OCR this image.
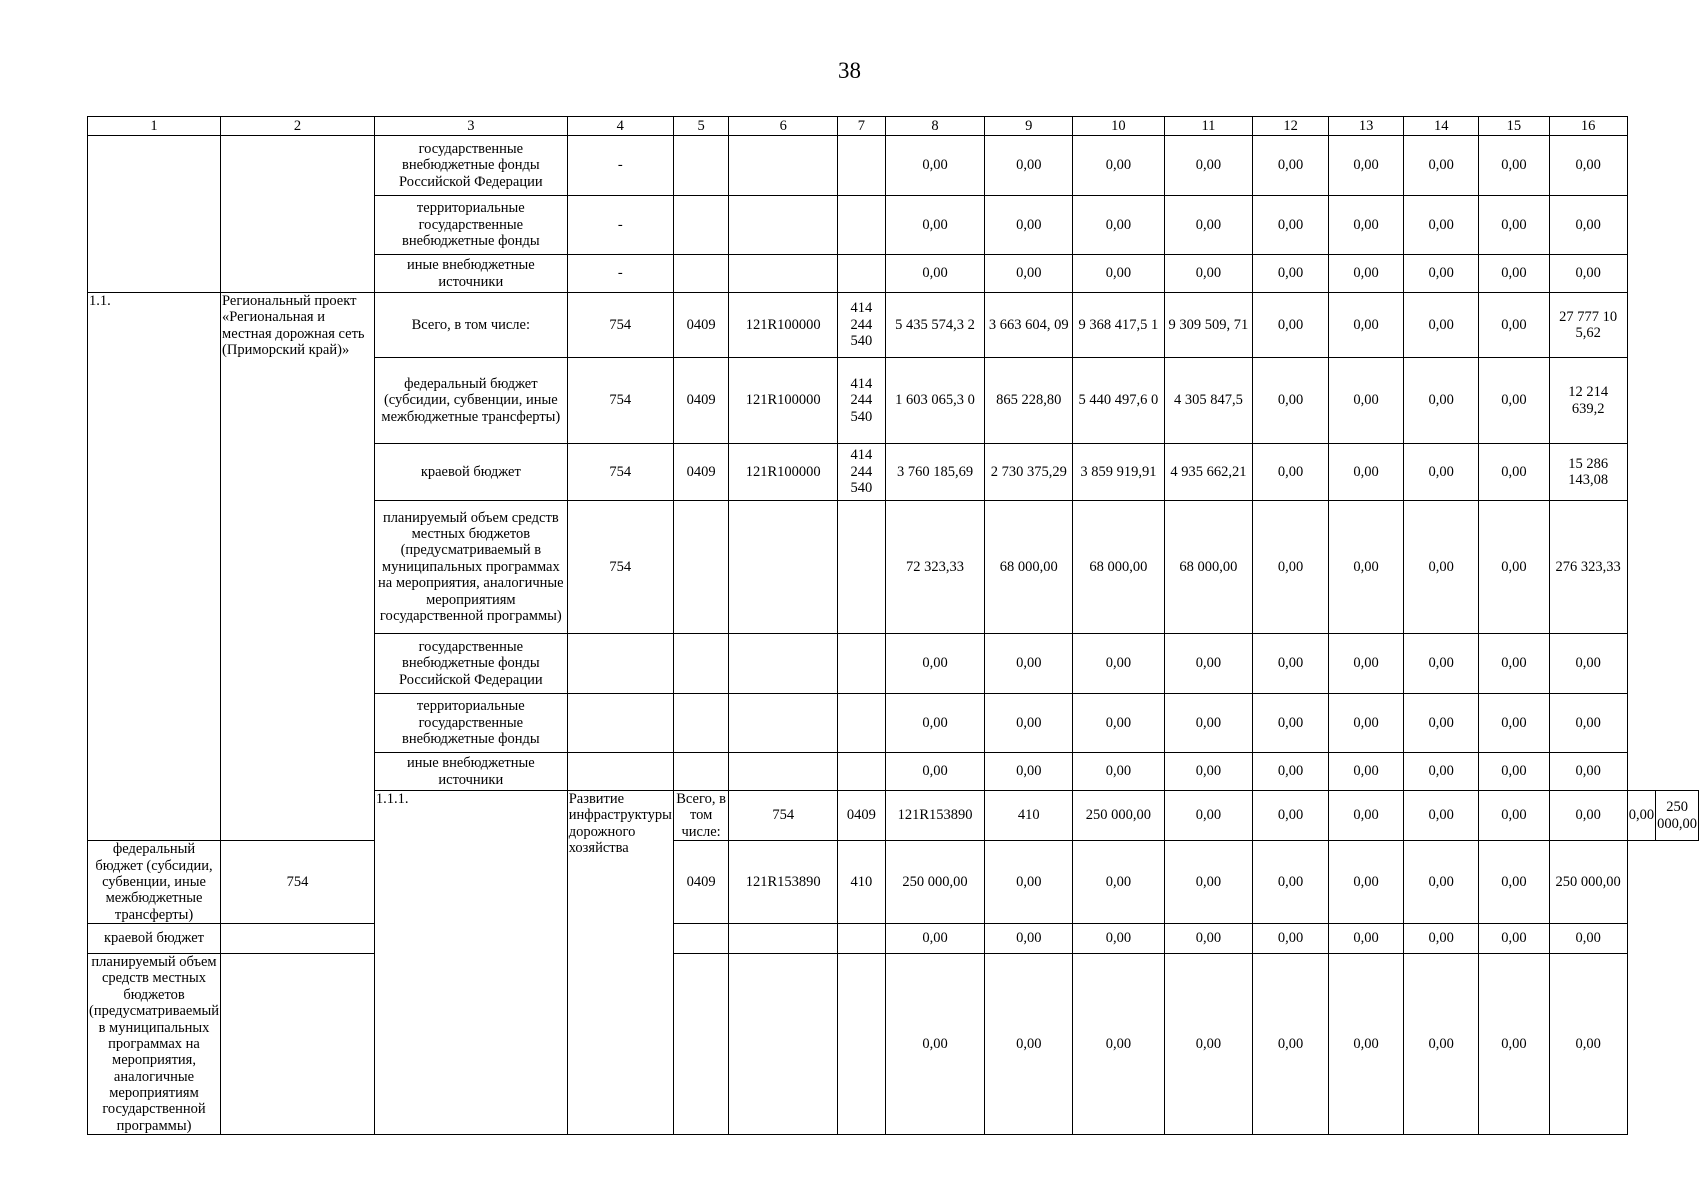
38
1	2	3	4	5	6	7	8	9	10	11	12	13	14	15	16		
		государственные внебюджетные фонды Российской Федерации	-				0,00	0,00	0,00	0,00	0,00	0,00	0,00	0,00	0,00		
		территориальные государственные внебюджетные фонды	-				0,00	0,00	0,00	0,00	0,00	0,00	0,00	0,00	0,00		
		иные внебюджетные источники	-				0,00	0,00	0,00	0,00	0,00	0,00	0,00	0,00	0,00		
1.1.	Региональный проект «Региональная и местная дорожная сеть (Приморский край)»	Всего, в том числе:	754	0409	121R100000	414 244 540	5 435 574,3 2	3 663 604, 09	9 368 417,5 1	9 309 509, 71	0,00	0,00	0,00	0,00	27 777 10 5,62		
		федеральный бюджет (субсидии, субвенции, иные межбюджетные трансферты)	754	0409	121R100000	414 244 540	1 603 065,3 0	865 228,80	5 440 497,6 0	4 305 847,5	0,00	0,00	0,00	0,00	12 214 639,2		
		краевой бюджет	754	0409	121R100000	414 244 540	3 760 185,69	2 730 375,29	3 859 919,91	4 935 662,21	0,00	0,00	0,00	0,00	15 286 143,08		
		планируемый объем средств местных бюджетов (предусматриваемый в муниципальных программах на мероприятия, аналогичные мероприятиям государственной программы)	754				72 323,33	68 000,00	68 000,00	68 000,00	0,00	0,00	0,00	0,00	276 323,33		
		государственные внебюджетные фонды Российской Федерации					0,00	0,00	0,00	0,00	0,00	0,00	0,00	0,00	0,00		
		территориальные государственные внебюджетные фонды					0,00	0,00	0,00	0,00	0,00	0,00	0,00	0,00	0,00		
		иные внебюджетные источники					0,00	0,00	0,00	0,00	0,00	0,00	0,00	0,00	0,00		
		1.1.1.	Развитие инфраструктуры дорожного хозяйства	Всего, в том числе:	754	0409	121R153890	410	250 000,00	0,00	0,00	0,00	0,00	0,00	0,00	0,00	250 000,00
федеральный бюджет (субсидии, субвенции, иные межбюджетные трансферты)	754			0409	121R153890	410	250 000,00	0,00	0,00	0,00	0,00	0,00	0,00	0,00	250 000,00		
краевой бюджет							0,00	0,00	0,00	0,00	0,00	0,00	0,00	0,00	0,00		
планируемый объем средств местных бюджетов (предусматриваемый в муниципальных программах на мероприятия, аналогичные мероприятиям государственной программы)							0,00	0,00	0,00	0,00	0,00	0,00	0,00	0,00	0,00		
